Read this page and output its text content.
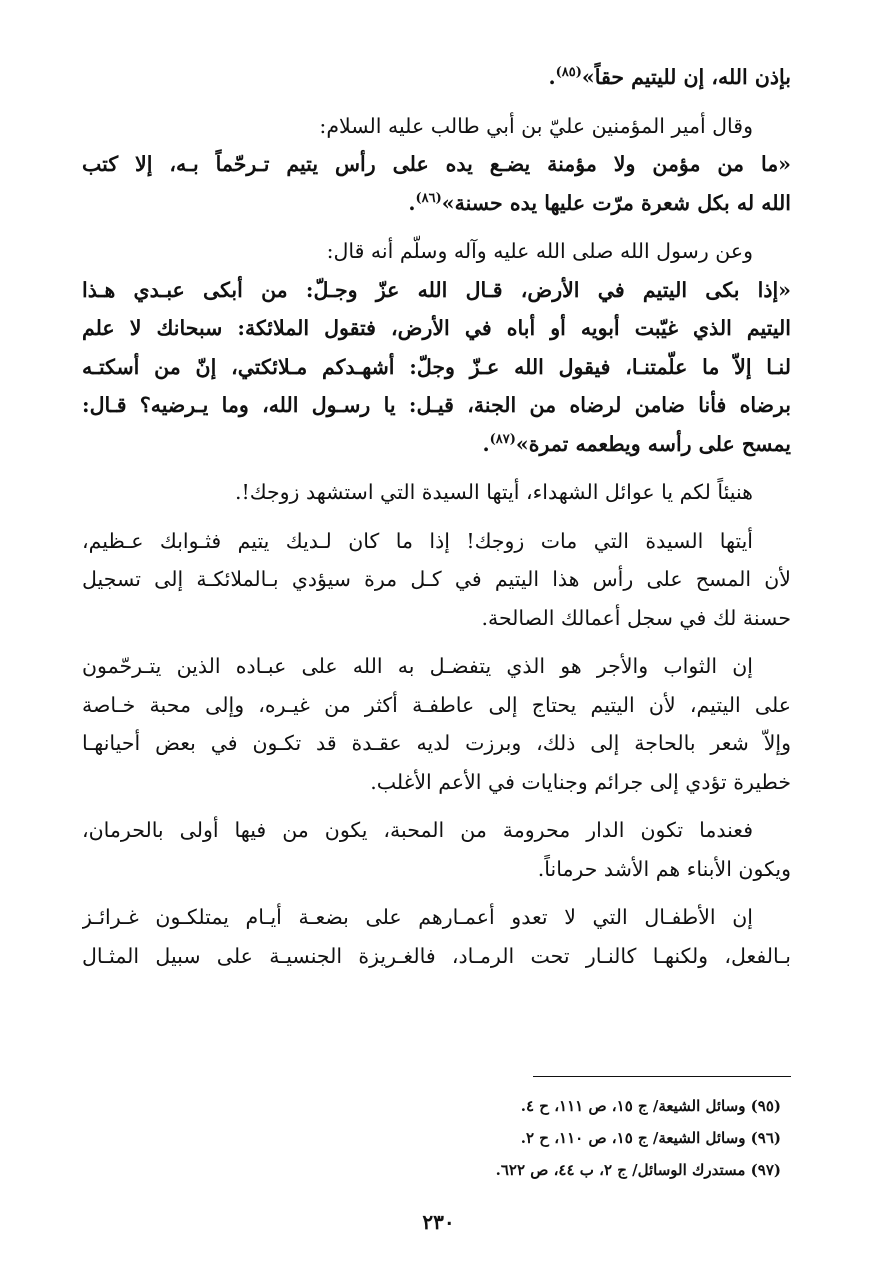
بإذن الله، إن لليتيم حقاً»$^{(٨٥)}$.
وقال أمير المؤمنين عليّ بن أبي طالب عليه السلام:
«ما من مؤمن ولا مؤمنة يضـع يده على رأس يتيم تـرحّماً بـه، إلا كتب
الله له بكل شعرة مرّت عليها يده حسنة»$^{(٨٦)}$.
وعن رسول الله صلى الله عليه وآله وسلّم أنه قال:
«إذا بكى اليتيم في الأرض، قـال الله عزّ وجـلّ: من أبكى عبـدي هـذا
اليتيم الذي غيّبت أبويه أو أباه في الأرض، فتقول الملائكة: سبحانك لا علم
لنـا إلاّ ما علّمتنـا، فيقول الله عـزّ وجلّ: أشهـدكم مـلائكتي، إنّ من أسكتـه
برضاه فأنا ضامن لرضاه من الجنة، قيـل: يا رسـول الله، وما يـرضيه؟ قـال:
يمسح على رأسه ويطعمه تمرة»$^{(٨٧)}$.
هنيئاً لكم يا عوائل الشهداء، أيتها السيدة التي استشهد زوجك!.
أيتها السيدة التي مات زوجك! إذا ما كان لـديك يتيم فثـوابك عـظيم،
لأن المسح على رأس هذا اليتيم في كـل مرة سيؤدي بـالملائكـة إلى تسجيل
حسنة لك في سجل أعمالك الصالحة.
إن الثواب والأجر هو الذي يتفضـل به الله على عبـاده الذين يتـرحّمون
على اليتيم، لأن اليتيم يحتاج إلى عاطفـة أكثر من غيـره، وإلى محبة خـاصة
وإلاّ شعر بالحاجة إلى ذلك، وبرزت لديه عقـدة قد تكـون في بعض أحيانهـا
خطيرة تؤدي إلى جرائم وجنايات في الأعم الأغلب.
فعندما تكون الدار محرومة من المحبة، يكون من فيها أولى بالحرمان،
ويكون الأبناء هم الأشد حرماناً.
إن الأطفـال التي لا تعدو أعمـارهم على بضعـة أيـام يمتلكـون غـرائـز
بـالفعل، ولكنهـا كالنـار تحت الرمـاد، فالغـريزة الجنسيـة على سبيل المثـال
(٩٥) وسائل الشيعة/ ج ١٥، ص ١١١، ح ٤.
(٩٦) وسائل الشيعة/ ج ١٥، ص ١١٠، ح ٢.
(٩٧) مستدرك الوسائل/ ج ٢، ب ٤٤، ص ٦٢٢.
٢٣٠
